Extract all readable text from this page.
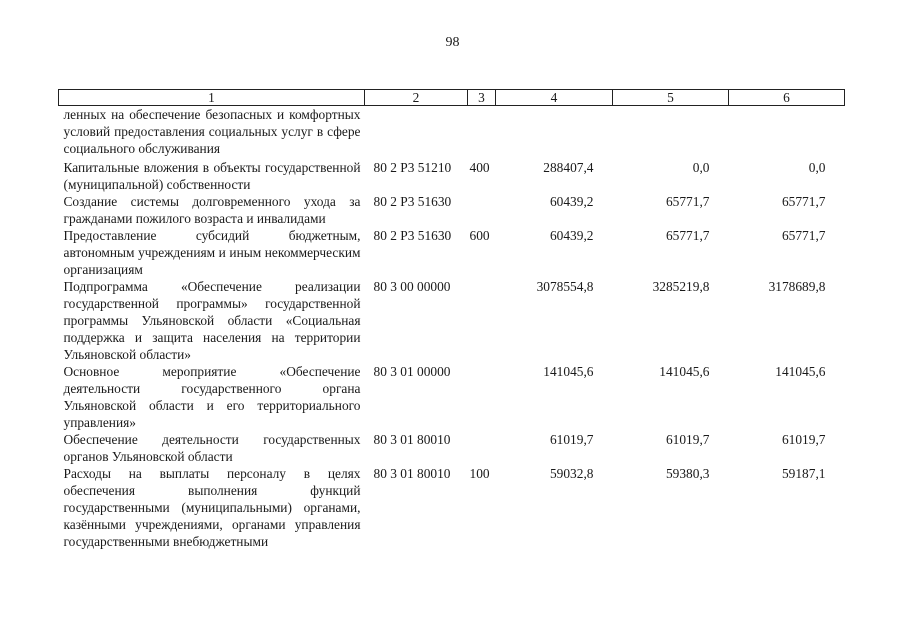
98
1	2	3	4	5	6
ленных на обеспечение безопасных и комфортных условий предоставления социальных услуг в сфере социального обслуживания					
Капитальные вложения в объекты государственной (муниципальной) собственности	80 2 Р3 51210	400	288407,4	0,0	0,0
Создание системы долговременного ухода за гражданами пожилого возраста и инвалидами	80 2 Р3 51630		60439,2	65771,7	65771,7
Предоставление субсидий бюджетным, автономным учреждениям и иным некоммерческим организациям	80 2 Р3 51630	600	60439,2	65771,7	65771,7
Подпрограмма «Обеспечение реализации государственной программы» государственной программы Ульяновской области «Социальная поддержка и защита населения на территории Ульяновской области»	80 3 00 00000		3078554,8	3285219,8	3178689,8
Основное мероприятие «Обеспечение деятельности государственного органа Ульяновской области и его территориального управления»	80 3 01 00000		141045,6	141045,6	141045,6
Обеспечение деятельности государственных органов Ульяновской области	80 3 01 80010		61019,7	61019,7	61019,7
Расходы на выплаты персоналу в целях обеспечения выполнения функций государственными (муниципальными) органами, казёнными учреждениями, органами управления государственными внебюджетными	80 3 01 80010	100	59032,8	59380,3	59187,1
